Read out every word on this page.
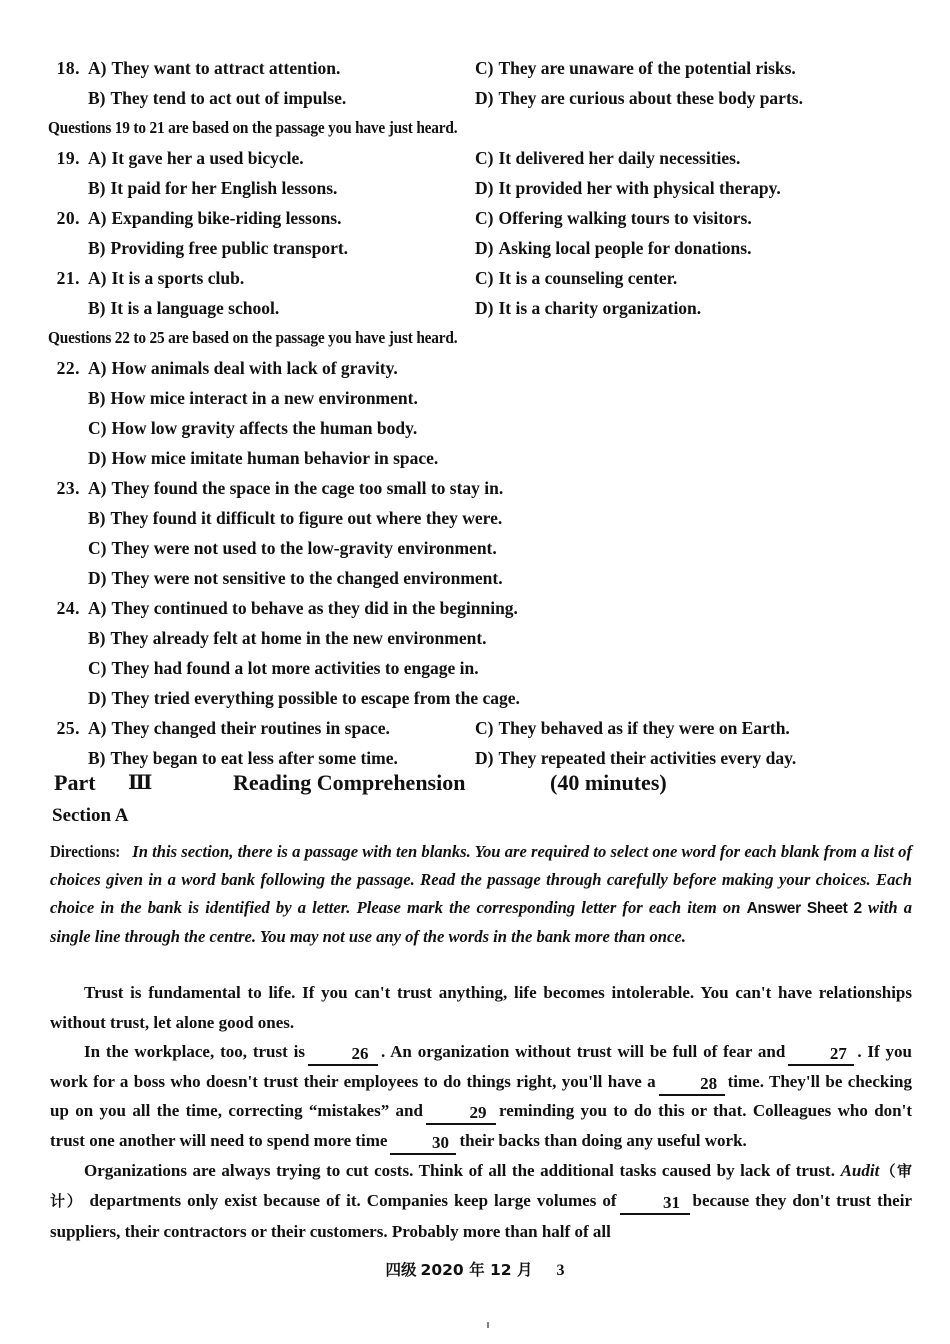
18. A) They want to attract attention.	C) They are unaware of the potential risks.
B) They tend to act out of impulse.	D) They are curious about these body parts.
Questions 19 to 21 are based on the passage you have just heard.
19. A) It gave her a used bicycle.	C) It delivered her daily necessities.
B) It paid for her English lessons.	D) It provided her with physical therapy.
20. A) Expanding bike-riding lessons.	C) Offering walking tours to visitors.
B) Providing free public transport.	D) Asking local people for donations.
21. A) It is a sports club.	C) It is a counseling center.
B) It is a language school.	D) It is a charity organization.
Questions 22 to 25 are based on the passage you have just heard.
22. A) How animals deal with lack of gravity.
B) How mice interact in a new environment.
C) How low gravity affects the human body.
D) How mice imitate human behavior in space.
23. A) They found the space in the cage too small to stay in.
B) They found it difficult to figure out where they were.
C) They were not used to the low-gravity environment.
D) They were not sensitive to the changed environment.
24. A) They continued to behave as they did in the beginning.
B) They already felt at home in the new environment.
C) They had found a lot more activities to engage in.
D) They tried everything possible to escape from the cage.
25. A) They changed their routines in space.	C) They behaved as if they were on Earth.
B) They began to eat less after some time.	D) They repeated their activities every day.
Part Ⅲ	Reading Comprehension	(40 minutes)
Section A
Directions: In this section, there is a passage with ten blanks. You are required to select one word for each blank from a list of choices given in a word bank following the passage. Read the passage through carefully before making your choices. Each choice in the bank is identified by a letter. Please mark the corresponding letter for each item on Answer Sheet 2 with a single line through the centre. You may not use any of the words in the bank more than once.

Trust is fundamental to life. If you can't trust anything, life becomes intolerable. You can't have relationships without trust, let alone good ones.

In the workplace, too, trust is	26 . An organization without trust will be full of fear and	27 . If you work for a boss who doesn't trust their employees to do things right, you'll have a	28 time. They'll be checking up on you all the time, correcting “mistakes” and	29 reminding you to do this or that. Colleagues who don't trust one another will need to spend more time	30 their backs than doing any useful work.

Organizations are always trying to cut costs. Think of all the additional tasks caused by lack of trust. Audit（审计） departments only exist because of it. Companies keep large volumes of	31 because they don't trust their suppliers, their contractors or their customers. Probably more than half of all

四级 2020 年 12 月 3
